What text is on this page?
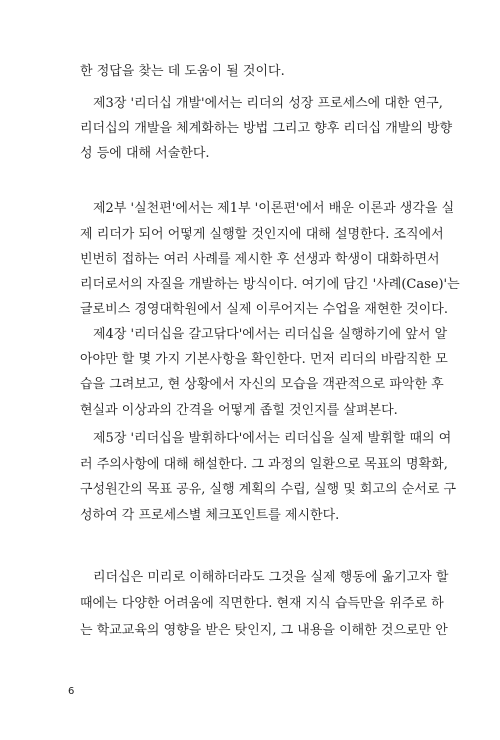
한 정답을 찾는 데 도움이 될 것이다.
제3장 '리더십 개발'에서는 리더의 성장 프로세스에 대한 연구,
리더십의 개발을 체계화하는 방법 그리고 향후 리더십 개발의 방향
성 등에 대해 서술한다.
제2부 '실천편'에서는 제1부 '이론편'에서 배운 이론과 생각을 실
제 리더가 되어 어떻게 실행할 것인지에 대해 설명한다. 조직에서
빈번히 접하는 여러 사례를 제시한 후 선생과 학생이 대화하면서
리더로서의 자질을 개발하는 방식이다. 여기에 담긴 '사례(Case)'는
글로비스 경영대학원에서 실제 이루어지는 수업을 재현한 것이다.
제4장 '리더십을 갈고닦다'에서는 리더십을 실행하기에 앞서 알
아야만 할 몇 가지 기본사항을 확인한다. 먼저 리더의 바람직한 모
습을 그려보고, 현 상황에서 자신의 모습을 객관적으로 파악한 후
현실과 이상과의 간격을 어떻게 좁힐 것인지를 살펴본다.
제5장 '리더십을 발휘하다'에서는 리더십을 실제 발휘할 때의 여
러 주의사항에 대해 해설한다. 그 과정의 일환으로 목표의 명확화,
구성원간의 목표 공유, 실행 계획의 수립, 실행 및 회고의 순서로 구
성하여 각 프로세스별 체크포인트를 제시한다.
리더십은 미리로 이해하더라도 그것을 실제 행동에 옮기고자 할
때에는 다양한 어려움에 직면한다. 현재 지식 습득만을 위주로 하
는 학교교육의 영향을 받은 탓인지, 그 내용을 이해한 것으로만 안
6
